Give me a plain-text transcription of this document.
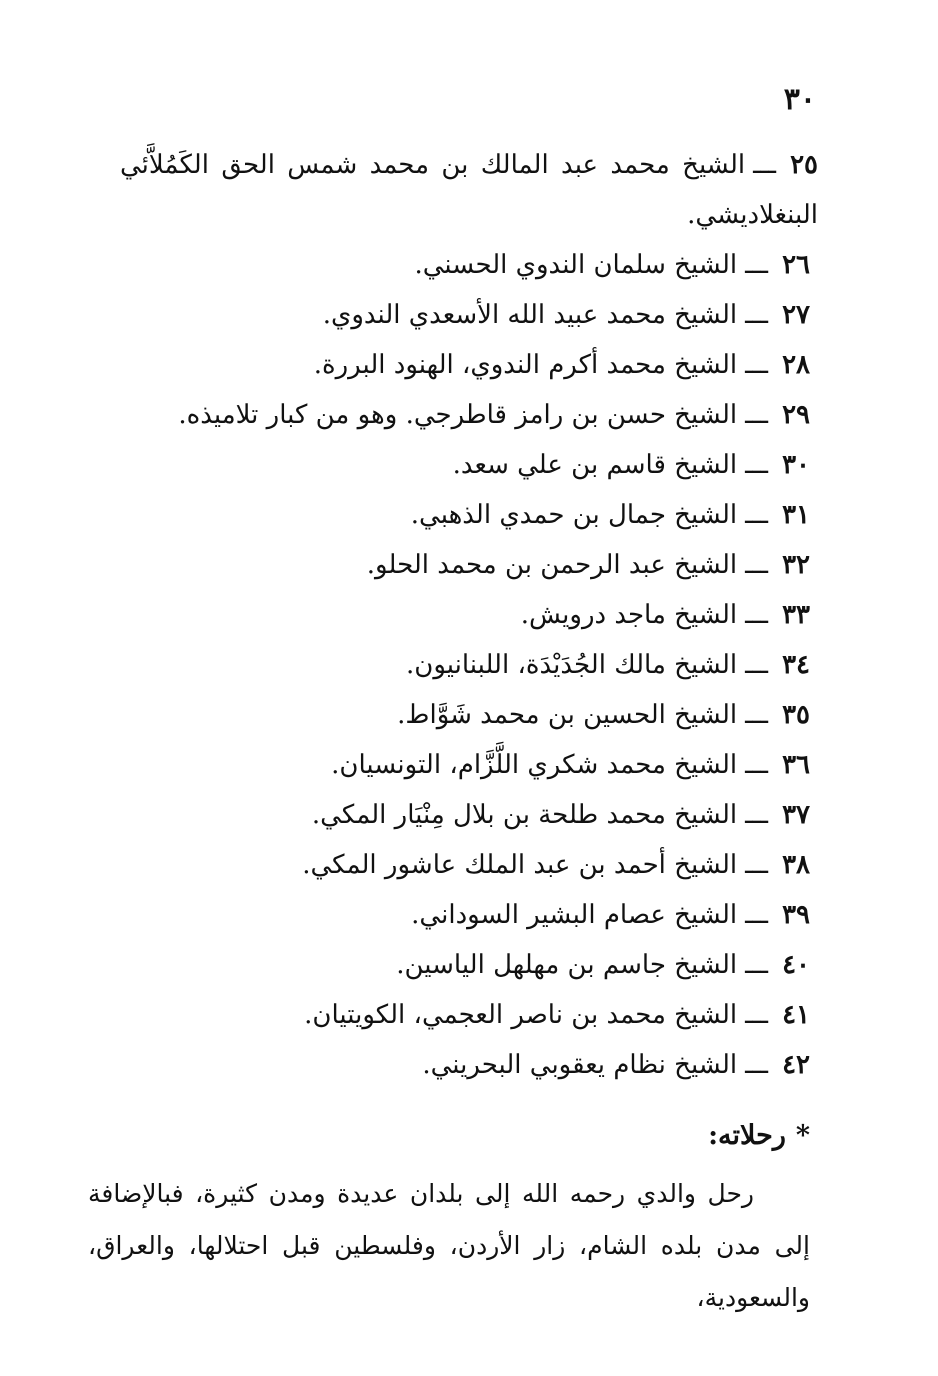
٣٠
٢٥ـــالشيخ محمد عبد المالك بن محمد شمس الحق الكَمُلاَّئي البنغلاديشي.
٢٦ـــالشيخ سلمان الندوي الحسني.
٢٧ـــالشيخ محمد عبيد الله الأسعدي الندوي.
٢٨ـــالشيخ محمد أكرم الندوي، الهنود البررة.
٢٩ـــالشيخ حسن بن رامز قاطرجي. وهو من كبار تلاميذه.
٣٠ـــالشيخ قاسم بن علي سعد.
٣١ـــالشيخ جمال بن حمدي الذهبي.
٣٢ـــالشيخ عبد الرحمن بن محمد الحلو.
٣٣ـــالشيخ ماجد درويش.
٣٤ـــالشيخ مالك الجُدَيْدَة، اللبنانيون.
٣٥ـــالشيخ الحسين بن محمد شَوَّاط.
٣٦ـــالشيخ محمد شكري اللَّزَّام، التونسيان.
٣٧ـــالشيخ محمد طلحة بن بلال مِنْيَار المكي.
٣٨ـــالشيخ أحمد بن عبد الملك عاشور المكي.
٣٩ـــالشيخ عصام البشير السوداني.
٤٠ـــالشيخ جاسم بن مهلهل الياسين.
٤١ـــالشيخ محمد بن ناصر العجمي، الكويتيان.
٤٢ـــالشيخ نظام يعقوبي البحريني.
*رحلاته:
رحل والدي رحمه الله إلى بلدان عديدة ومدن كثيرة، فبالإضافة إلى مدن بلده الشام، زار الأردن، وفلسطين قبل احتلالها، والعراق، والسعودية،
